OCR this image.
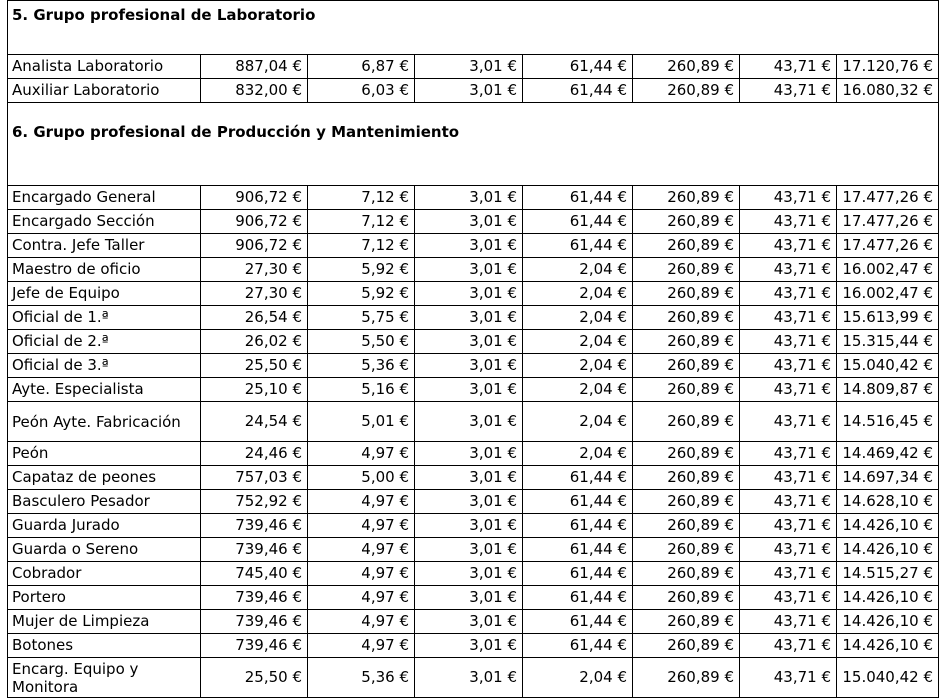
5. Grupo profesional de Laboratorio							
Analista Laboratorio	887,04 €	6,87 €	3,01 €	61,44 €	260,89 €	43,71 €	17.120,76 €
Auxiliar Laboratorio	832,00 €	6,03 €	3,01 €	61,44 €	260,89 €	43,71 €	16.080,32 €
6. Grupo profesional de Producción y Mantenimiento							
Encargado General	906,72 €	7,12 €	3,01 €	61,44 €	260,89 €	43,71 €	17.477,26 €
Encargado Sección	906,72 €	7,12 €	3,01 €	61,44 €	260,89 €	43,71 €	17.477,26 €
Contra. Jefe Taller	906,72 €	7,12 €	3,01 €	61,44 €	260,89 €	43,71 €	17.477,26 €
Maestro de oficio	27,30 €	5,92 €	3,01 €	2,04 €	260,89 €	43,71 €	16.002,47 €
Jefe de Equipo	27,30 €	5,92 €	3,01 €	2,04 €	260,89 €	43,71 €	16.002,47 €
Oficial de 1.ª	26,54 €	5,75 €	3,01 €	2,04 €	260,89 €	43,71 €	15.613,99 €
Oficial de 2.ª	26,02 €	5,50 €	3,01 €	2,04 €	260,89 €	43,71 €	15.315,44 €
Oficial de 3.ª	25,50 €	5,36 €	3,01 €	2,04 €	260,89 €	43,71 €	15.040,42 €
Ayte. Especialista	25,10 €	5,16 €	3,01 €	2,04 €	260,89 €	43,71 €	14.809,87 €
Peón Ayte. Fabricación	24,54 €	5,01 €	3,01 €	2,04 €	260,89 €	43,71 €	14.516,45 €
Peón	24,46 €	4,97 €	3,01 €	2,04 €	260,89 €	43,71 €	14.469,42 €
Capataz de peones	757,03 €	5,00 €	3,01 €	61,44 €	260,89 €	43,71 €	14.697,34 €
Basculero Pesador	752,92 €	4,97 €	3,01 €	61,44 €	260,89 €	43,71 €	14.628,10 €
Guarda Jurado	739,46 €	4,97 €	3,01 €	61,44 €	260,89 €	43,71 €	14.426,10 €
Guarda o Sereno	739,46 €	4,97 €	3,01 €	61,44 €	260,89 €	43,71 €	14.426,10 €
Cobrador	745,40 €	4,97 €	3,01 €	61,44 €	260,89 €	43,71 €	14.515,27 €
Portero	739,46 €	4,97 €	3,01 €	61,44 €	260,89 €	43,71 €	14.426,10 €
Mujer de Limpieza	739,46 €	4,97 €	3,01 €	61,44 €	260,89 €	43,71 €	14.426,10 €
Botones	739,46 €	4,97 €	3,01 €	61,44 €	260,89 €	43,71 €	14.426,10 €
Encarg. Equipo y Monitora	25,50 €	5,36 €	3,01 €	2,04 €	260,89 €	43,71 €	15.040,42 €
